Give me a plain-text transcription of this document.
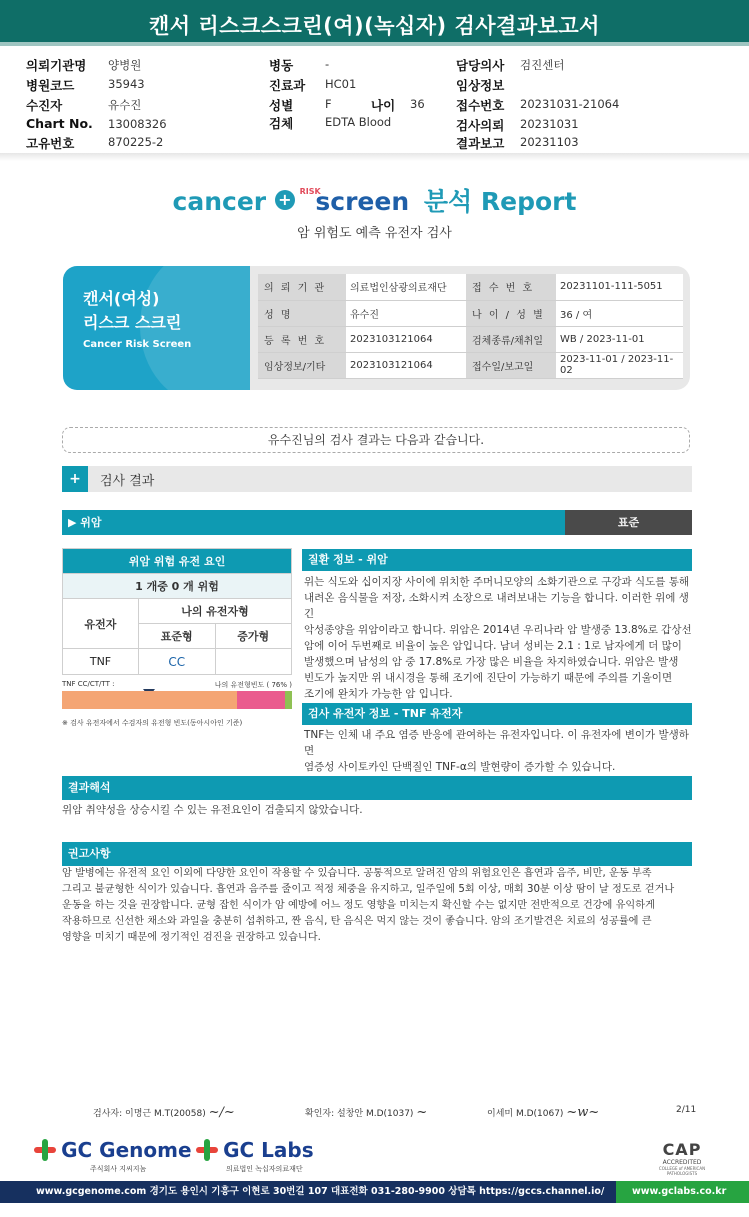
캔서 리스크스크린(여)(녹십자) 검사결과보고서
의뢰기관명 양병원
병원코드	35943
수진자	유수진
Chart No. 13008326
고유번호	870225-2
병동	-
진료과 HC01
성별	F	나이 36
검체	EDTA Blood
담당의사 검진센터
임상정보
접수번호 20231031-21064
검사의뢰 20231031
결과보고 20231103
cancer + $^{RISK}$ screen 분석 Report
암 위험도 예측 유전자 검사
캔서(여성)
리스크 스크린
Cancer Risk Screen
의 뢰 기 관	의료법인삼광의료재단	접 수 번 호	20231101-111-5051
성 명	유수진	나 이 / 성 별	36 / 여
등 록 번 호	2023103121064	검체종류/채취일	WB / 2023-11-01
임상정보/기타	2023103121064	접수일/보고일	2023-11-01 / 2023-11-02
유수진님의 검사 결과는 다음과 같습니다.
+	검사 결과
▶ 위암	표준
위암 위험 유전 요인		
1 개중 0 개 위험		
유전자	나의 유전자형	
	표준형	증가형
TNF	CC	
TNF CC/CT/TT :	나의 유전형빈도 ( 76% )
※ 검사 유전자에서 수검자의 유전형 빈도(동아시아인 기준)
질환 정보 - 위암
위는 식도와 십이지장 사이에 위치한 주머니모양의 소화기관으로 구강과 식도를 통해
내려온 음식물을 저장, 소화시켜 소장으로 내려보내는 기능을 합니다. 이러한 위에 생긴
악성종양을 위암이라고 합니다. 위암은 2014년 우리나라 암 발생중 13.8%로 갑상선
암에 이어 두번째로 비율이 높은 암입니다. 남녀 성비는 2.1 : 1로 남자에게 더 많이
발생했으며 남성의 암 중 17.8%로 가장 많은 비율을 차지하였습니다. 위암은 발생
빈도가 높지만 위 내시경을 통해 조기에 진단이 가능하기 때문에 주의를 기울이면
조기에 완치가 가능한 암 입니다.
검사 유전자 정보 - TNF 유전자
TNF는 인체 내 주요 염증 반응에 관여하는 유전자입니다. 이 유전자에 변이가 발생하면
염증성 사이토카인 단백질인 TNF-α의 발현량이 증가할 수 있습니다.
결과해석
위암 취약성을 상승시킬 수 있는 유전요인이 검출되지 않았습니다.
권고사항
암 발병에는 유전적 요인 이외에 다양한 요인이 작용할 수 있습니다. 공통적으로 알려진 암의 위험요인은 흡연과 음주, 비만, 운동 부족
그리고 불균형한 식이가 있습니다. 흡연과 음주를 줄이고 적정 체중을 유지하고, 일주일에 5회 이상, 매회 30분 이상 땀이 날 정도로 걷거나
운동을 하는 것을 권장합니다. 균형 잡힌 식이가 암 예방에 어느 정도 영향을 미치는지 확신할 수는 없지만 전반적으로 건강에 유익하게
작용하므로 신선한 채소와 과일을 충분히 섭취하고, 짠 음식, 탄 음식은 먹지 않는 것이 좋습니다. 암의 조기발견은 치료의 성공률에 큰
영향을 미치기 때문에 정기적인 검진을 권장하고 있습니다.
검사자: 이명근 M.T(20058) ~/~	확인자: 설창안 M.D(1037) ~	이세미 M.D(1067) ~w~	2/11
GC Genome
주식회사 지씨지놈
GC Labs
의료법인 녹십자의료재단
CAP
ACCREDITED
COLLEGE of AMERICAN PATHOLOGISTS
www.gcgenome.com 경기도 용인시 기흥구 이현로 30번길 107 대표전화 031-280-9900 상담톡 https://gccs.channel.io/	www.gclabs.co.kr
